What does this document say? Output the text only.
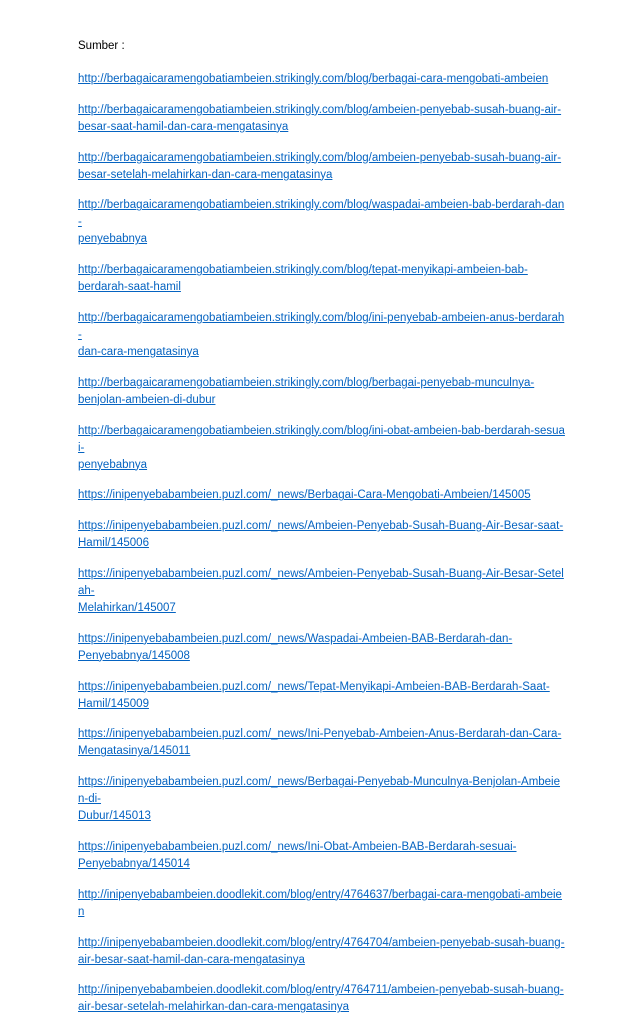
Sumber :

http://berbagaicaramengobatiambeien.strikingly.com/blog/berbagai-cara-mengobati-ambeien
http://berbagaicaramengobatiambeien.strikingly.com/blog/ambeien-penyebab-susah-buang-air-
besar-saat-hamil-dan-cara-mengatasinya
http://berbagaicaramengobatiambeien.strikingly.com/blog/ambeien-penyebab-susah-buang-air-
besar-setelah-melahirkan-dan-cara-mengatasinya
http://berbagaicaramengobatiambeien.strikingly.com/blog/waspadai-ambeien-bab-berdarah-dan-
penyebabnya
http://berbagaicaramengobatiambeien.strikingly.com/blog/tepat-menyikapi-ambeien-bab-
berdarah-saat-hamil
http://berbagaicaramengobatiambeien.strikingly.com/blog/ini-penyebab-ambeien-anus-berdarah-
dan-cara-mengatasinya
http://berbagaicaramengobatiambeien.strikingly.com/blog/berbagai-penyebab-munculnya-
benjolan-ambeien-di-dubur
http://berbagaicaramengobatiambeien.strikingly.com/blog/ini-obat-ambeien-bab-berdarah-sesuai-
penyebabnya
https://inipenyebabambeien.puzl.com/_news/Berbagai-Cara-Mengobati-Ambeien/145005
https://inipenyebabambeien.puzl.com/_news/Ambeien-Penyebab-Susah-Buang-Air-Besar-saat-
Hamil/145006
https://inipenyebabambeien.puzl.com/_news/Ambeien-Penyebab-Susah-Buang-Air-Besar-Setelah-
Melahirkan/145007
https://inipenyebabambeien.puzl.com/_news/Waspadai-Ambeien-BAB-Berdarah-dan-
Penyebabnya/145008
https://inipenyebabambeien.puzl.com/_news/Tepat-Menyikapi-Ambeien-BAB-Berdarah-Saat-
Hamil/145009
https://inipenyebabambeien.puzl.com/_news/Ini-Penyebab-Ambeien-Anus-Berdarah-dan-Cara-
Mengatasinya/145011
https://inipenyebabambeien.puzl.com/_news/Berbagai-Penyebab-Munculnya-Benjolan-Ambeien-di-
Dubur/145013
https://inipenyebabambeien.puzl.com/_news/Ini-Obat-Ambeien-BAB-Berdarah-sesuai-
Penyebabnya/145014
http://inipenyebabambeien.doodlekit.com/blog/entry/4764637/berbagai-cara-mengobati-ambeien
http://inipenyebabambeien.doodlekit.com/blog/entry/4764704/ambeien-penyebab-susah-buang-
air-besar-saat-hamil-dan-cara-mengatasinya
http://inipenyebabambeien.doodlekit.com/blog/entry/4764711/ambeien-penyebab-susah-buang-
air-besar-setelah-melahirkan-dan-cara-mengatasinya
